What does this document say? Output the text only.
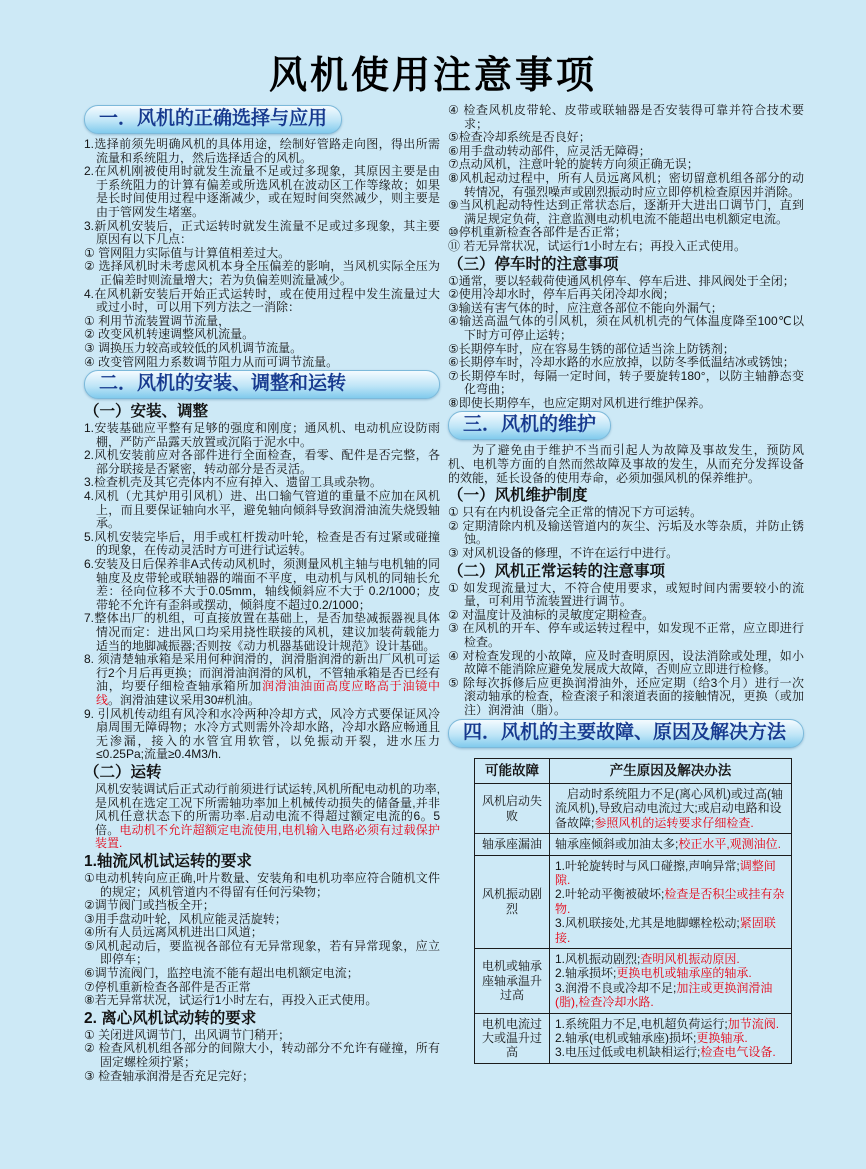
风机使用注意事项
一．风机的正确选择与应用

1.选择前须先明确风机的具体用途，绘制好管路走向图，得出所需流量和系统阻力，然后选择适合的风机。

2.在风机刚被使用时就发生流量不足或过多现象，其原因主要是由于系统阻力的计算有偏差或所选风机在波动区工作等缘故；如果是长时间使用过程中逐渐减少，或在短时间突然减少，则主要是由于管网发生堵塞。

3.新风机安装后，正式运转时就发生流量不足或过多现象，其主要原因有以下几点：

① 管网阻力实际值与计算值相差过大。

② 选择风机时未考虑风机本身全压偏差的影响，当风机实际全压为正偏差时则流量增大；若为负偏差则流量减少。

4.在风机新安装后开始正式运转时，或在使用过程中发生流量过大或过小时，可以用下列方法之一消除：

① 利用节流装置调节流量，

② 改变风机转速调整风机流量。

③ 调换压力较高或较低的风机调节流量。

④ 改变管网阻力系数调节阻力从而可调节流量。

二．风机的安装、调整和运转

（一）安装、调整

1.安装基础应平整有足够的强度和刚度；通风机、电动机应设防雨棚，严防产品露天放置或沉陷于泥水中。

2.风机安装前应对各部件进行全面检查，看零、配件是否完整，各部分联接是否紧密，转动部分是否灵活。

3.检查机壳及其它壳体内不应有掉入、遗留工具或杂物。

4.风机（尤其炉用引风机）进、出口输气管道的重量不应加在风机上，而且要保证轴向水平，避免轴向倾斜导致润滑油流失烧毁轴承。

5.风机安装完毕后，用手或杠杆拨动叶轮，检查是否有过紧或碰撞的现象，在传动灵活时方可进行试运转。

6.安装及日后保养非A式传动风机时，须测量风机主轴与电机轴的同轴度及皮带轮或联轴器的端面不平度，电动机与风机的同轴长允差：径向位移不大于0.05mm，轴线倾斜应不大于 0.2/1000；皮带轮不允许有歪斜或摆动，倾斜度不超过0.2/1000；

7.整体出厂的机组，可直接放置在基础上，是否加垫减振器视具体情况而定：进出风口均采用挠性联接的风机，建议加装荷载能力适当的地脚减振器;否则按《动力机器基础设计规范》设计基础。

8. 须清楚轴承箱是采用何种润滑的，润滑脂润滑的新出厂风机可运行2个月后再更换；而润滑油润滑的风机，不管轴承箱是否已经有油，均要仔细检查轴承箱所加润滑油油面高度应略高于油镜中线。润滑油建议采用30#机油。

9. 引风机传动组有风冷和水冷两种冷却方式，风冷方式要保证风冷扇周围无障碍物；水冷方式则需外冷却水路，冷却水路应畅通且无渗漏，接入的水管宜用软管，以免振动开裂，进水压力≤0.25Pa;流量≥0.4M3/h.

（二）运转

风机安装调试后正式动行前须进行试运转,风机所配电动机的功率,是风机在选定工况下所需轴功率加上机械传动损失的储备量,并非风机任意状态下的所需功率.启动电流不得超过额定电流的6。5倍。电动机不允许超额定电流使用,电机输入电路必须有过载保护装置.

1.轴流风机试运转的要求

①电动机转向应正确,叶片数量、安装角和电机功率应符合随机文件的规定；风机管道内不得留有任何污染物；

②调节阀门或挡板全开；

③用手盘动叶轮，风机应能灵活旋转；

④所有人员远离风机进出口风道；

⑤风机起动后，要监视各部位有无异常现象，若有异常现象，应立即停车；

⑥调节流阀门，监控电流不能有超出电机额定电流；

⑦停机重新检查各部件是否正常

⑧若无异常状况，试运行1小时左右，再投入正式使用。

2. 离心风机试动转的要求

① 关闭进风调节门，出风调节门稍开；

② 检查风机机组各部分的间隙大小，转动部分不允许有碰撞，所有固定螺栓须拧紧；

③ 检查轴承润滑是否充足完好；

④ 检查风机皮带轮、皮带或联轴器是否安装得可靠并符合技术要求；

⑤检查冷却系统是否良好；

⑥用手盘动转动部件，应灵活无障碍；

⑦点动风机，注意叶轮的旋转方向须正确无误；

⑧风机起动过程中，所有人员远离风机；密切留意机组各部分的动转情况，有强烈噪声或剧烈振动时应立即停机检查原因并消除。

⑨当风机起动特性达到正常状态后，逐渐开大进出口调节门，直到满足规定负荷，注意监测电动机电流不能超出电机额定电流。

⑩停机重新检查各部件是否正常；

⑪ 若无异常状况，试运行1小时左右；再投入正式使用。

（三）停车时的注意事项

①通常，要以轻载荷使通风机停车、停车后进、排风阀处于全闭；

②使用冷却水时，停车后再关闭冷却水阀；

③输送有害气体的时，应注意各部位不能向外漏气；

④输送高温气体的引风机，须在风机机壳的气体温度降至100℃以下时方可停止运转；

⑤长期停车时，应在容易生锈的部位适当涂上防锈剂；

⑥长期停车时，冷却水路的水应放掉，以防冬季低温结冰或锈蚀；

⑦长期停车时，每隔一定时间，转子要旋转180°，以防主轴静态变化弯曲；

⑧即使长期停车，也应定期对风机进行维护保养。

三．风机的维护

为了避免由于维护不当而引起人为故障及事故发生，预防风机、电机等方面的自然而然故障及事故的发生，从而充分发挥设备的效能，延长设备的使用寿命，必须加强风机的保养维护。

（一）风机维护制度

① 只有在内机设备完全正常的情况下方可运转。

② 定期清除内机及输送管道内的灰尘、污垢及水等杂质，并防止锈蚀。

③ 对风机设备的修理，不许在运行中进行。

（二）风机正常运转的注意事项

① 如发现流量过大，不符合使用要求，或短时间内需要较小的流量，可利用节流装置进行调节。

② 对温度计及油标的灵敏度定期检查。

③ 在风机的开车、停车或运转过程中，如发现不正常，应立即进行检查。

④ 对检查发现的小故障，应及时查明原因，设法消除或处理，如小故障不能消除应避免发展成大故障，否则应立即进行检修。

⑤ 除每次拆修后应更换润滑油外，还应定期（给3个月）进行一次滚动轴承的检查，检查滚子和滚道表面的接触情况，更换（或加注）润滑油（脂）。

四．风机的主要故障、原因及解决方法
可能故障	产生原因及解决办法
风机启动失败	启动时系统阻力不足(离心风机)或过高(轴流风机),导致启动电流过大;或启动电路和设备故障;参照风机的运转要求仔细检查.

轴承座漏油	轴承座倾斜或加油太多;校正水平,观测油位.

风机振动剧烈	1.叶轮旋转时与风口碰擦,声响异常;调整间隙.
2.叶轮动平衡被破坏;检查是否积尘或挂有杂物.
3.风机联接处,尤其是地脚螺栓松动;紧固联接.

电机或轴承座轴承温升过高	1.风机振动剧烈;查明风机振动原因.
2.轴承损坏;更换电机或轴承座的轴承.
3.润滑不良或冷却不足;加注或更换润滑油(脂),检查冷却水路.

电机电流过大或温升过高	1.系统阻力不足,电机超负荷运行;加节流阀.
2.轴承(电机或轴承座)损坏;更换轴承.
3.电压过低或电机缺相运行;检查电气设备.
